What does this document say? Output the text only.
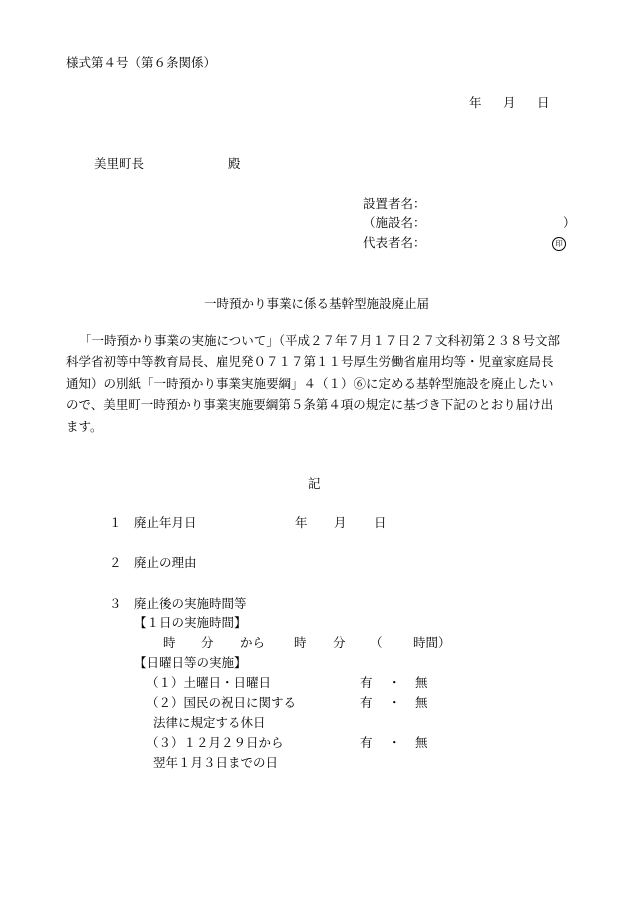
様式第４号（第６条関係）
年 月 日
美里町長	殿
設置者名：
（施設名：	）
代表者名：	印
一時預かり事業に係る基幹型施設廃止届
「一時預かり事業の実施について」（平成２７年７月１７日２７文科初第２３８号文部科学省初等中等教育局長、雇児発０７１７第１１号厚生労働省雇用均等・児童家庭局長通知）の別紙「一時預かり事業実施要綱」４（１）⑥に定める基幹型施設を廃止したいので、美里町一時預かり事業実施要綱第５条第４項の規定に基づき下記のとおり届け出ます。
記
１ 廃止年月日	年 月 日
２ 廃止の理由
３ 廃止後の実施時間等
【１日の実施時間】
時 分 から 時 分 （ 時間）
【日曜日等の実施】
（１）土曜日・日曜日	有 ・ 無
（２）国民の祝日に関する	有 ・ 無
法律に規定する休日
（３）１２月２９日から	有 ・ 無
翌年１月３日までの日
